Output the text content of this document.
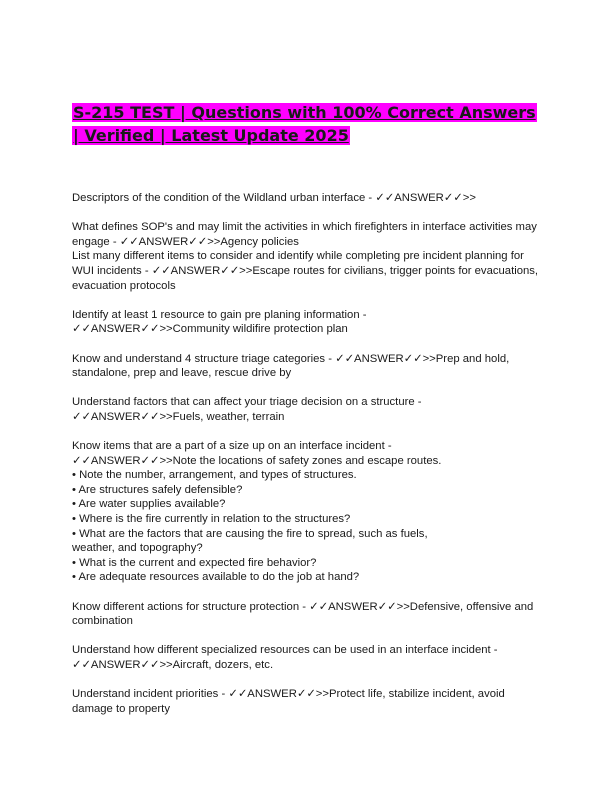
S-215 TEST | Questions with 100% Correct Answers | Verified | Latest Update 2025

Descriptors of the condition of the Wildland urban interface - ✓✓ANSWER✓✓>>

What defines SOP's and may limit the activities in which firefighters in interface activities may engage - ✓✓ANSWER✓✓>>Agency policies

List many different items to consider and identify while completing pre incident planning for WUI incidents - ✓✓ANSWER✓✓>>Escape routes for civilians, trigger points for evacuations, evacuation protocols

Identify at least 1 resource to gain pre planing information -
✓✓ANSWER✓✓>>Community wildifire protection plan

Know and understand 4 structure triage categories - ✓✓ANSWER✓✓>>Prep and hold, standalone, prep and leave, rescue drive by

Understand factors that can affect your triage decision on a structure -
✓✓ANSWER✓✓>>Fuels, weather, terrain

Know items that are a part of a size up on an interface incident -
✓✓ANSWER✓✓>>Note the locations of safety zones and escape routes.

• Note the number, arrangement, and types of structures.
• Are structures safely defensible?
• Are water supplies available?
• Where is the fire currently in relation to the structures?
• What are the factors that are causing the fire to spread, such as fuels,
weather, and topography?
• What is the current and expected fire behavior?
• Are adequate resources available to do the job at hand?

Know different actions for structure protection - ✓✓ANSWER✓✓>>Defensive, offensive and combination

Understand how different specialized resources can be used in an interface incident -
✓✓ANSWER✓✓>>Aircraft, dozers, etc.

Understand incident priorities - ✓✓ANSWER✓✓>>Protect life, stabilize incident, avoid damage to property
